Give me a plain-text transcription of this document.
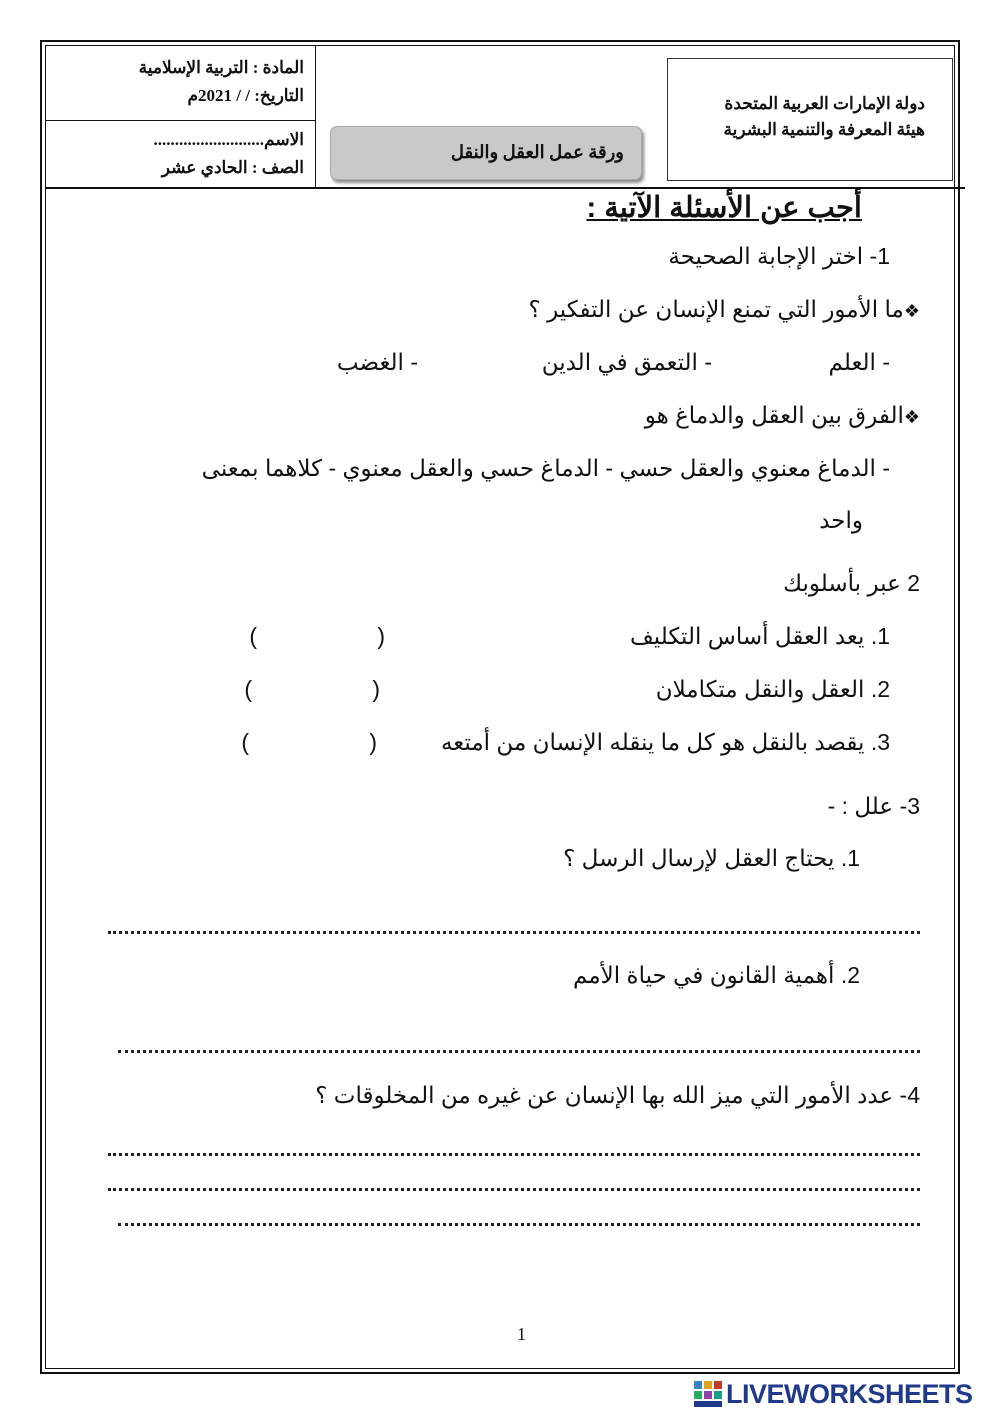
المادة : التربية الإسلامية
التاريخ: / / 2021م
الاسم..........................
الصف : الحادي عشر
ورقة عمل العقل والنقل
دولة الإمارات العربية المتحدة
هيئة المعرفة والتنمية البشرية
أجب عن الأسئلة الآتية :
1- اختر الإجابة الصحيحة
❖ما الأمور التي تمنع الإنسان عن التفكير ؟
- العلم
- التعمق في الدين
- الغضب
❖الفرق بين العقل والدماغ هو
- الدماغ معنوي والعقل حسي - الدماغ حسي والعقل معنوي - كلاهما بمعنى
واحد
2 عبر بأسلوبك
1. يعد العقل أساس التكليف
(
)
2. العقل والنقل متكاملان
(
)
3. يقصد بالنقل هو كل ما ينقله الإنسان من أمتعه
(
)
3- علل : -
1. يحتاج العقل لإرسال الرسل ؟
2. أهمية القانون في حياة الأمم
4- عدد الأمور التي ميز الله بها الإنسان عن غيره من المخلوقات ؟
1
LIVEWORKSHEETS
